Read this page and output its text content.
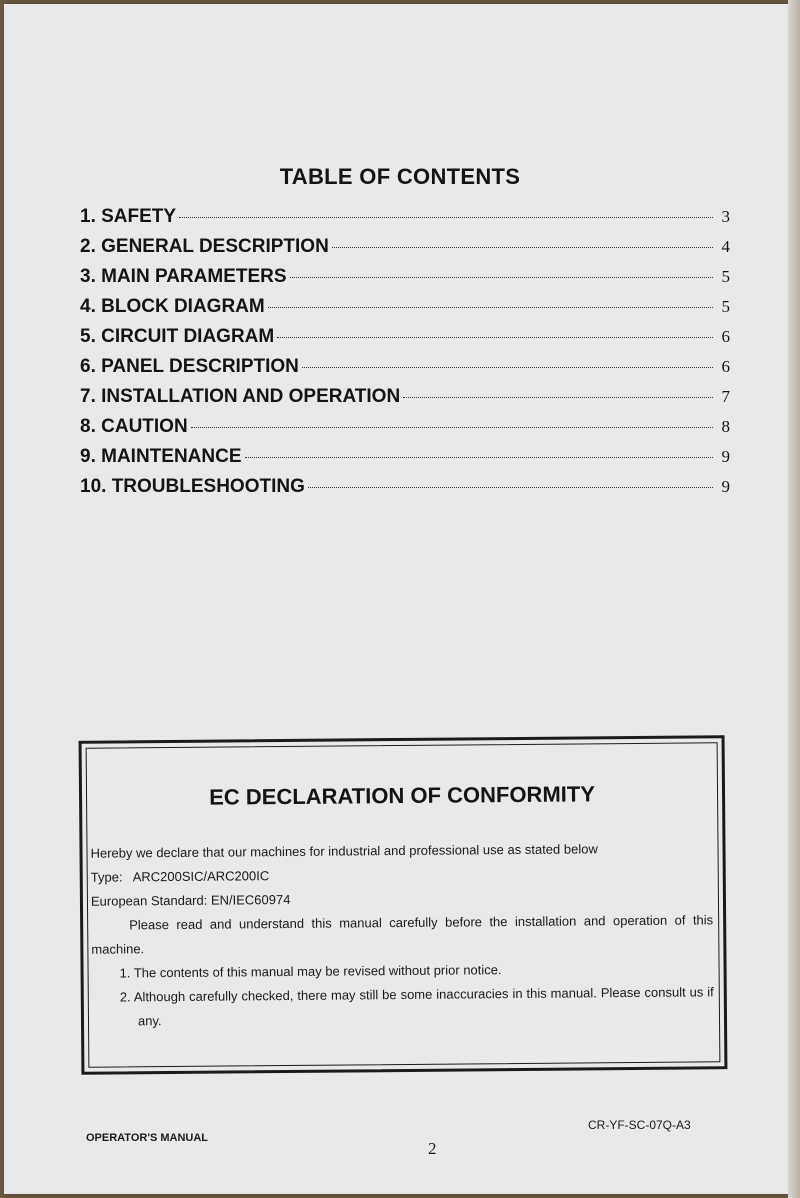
TABLE OF CONTENTS
1. SAFETY	3
2. GENERAL DESCRIPTION	4
3. MAIN PARAMETERS	5
4. BLOCK DIAGRAM	5
5. CIRCUIT DIAGRAM	6
6. PANEL DESCRIPTION	6
7. INSTALLATION AND OPERATION	7
8. CAUTION	8
9. MAINTENANCE	9
10. TROUBLESHOOTING	9
EC DECLARATION OF CONFORMITY

Hereby we declare that our machines for industrial and professional use as stated below

Type:   ARC200SIC/ARC200IC

European Standard: EN/IEC60974

Please read and understand this manual carefully before the installation and operation of this machine.

1. The contents of this manual may be revised without prior notice.

2. Although carefully checked, there may still be some inaccuracies in this manual. Please consult us if any.

OPERATOR'S MANUAL
2
CR-YF-SC-07Q-A3
